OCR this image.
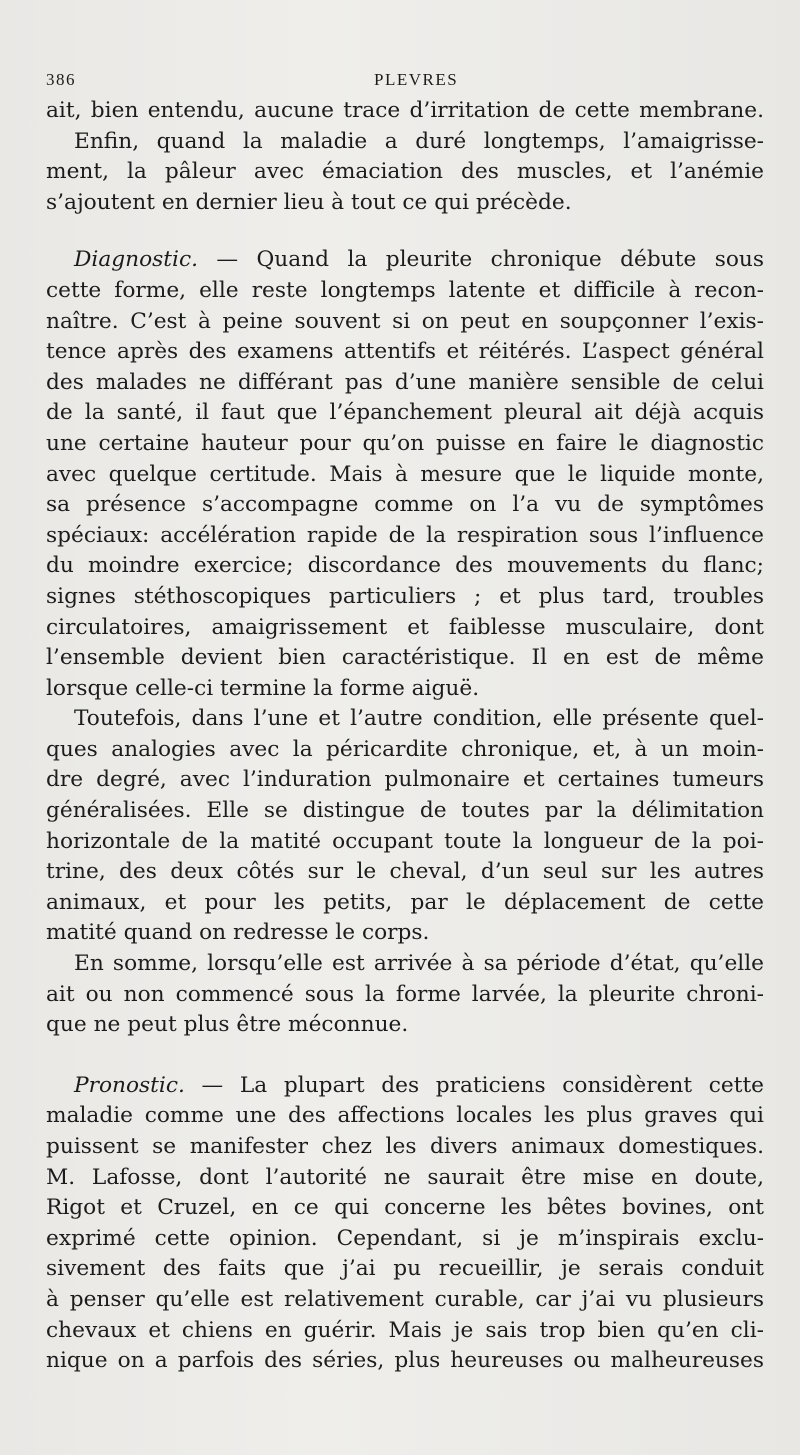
386	PLEVRES
ait, bien entendu, aucune trace d’irritation de cette membrane.
Enfin, quand la maladie a duré longtemps, l’amaigrisse-
ment, la pâleur avec émaciation des muscles, et l’anémie
s’ajoutent en dernier lieu à tout ce qui précède.
Diagnostic. — Quand la pleurite chronique débute sous
cette forme, elle reste longtemps latente et difficile à recon-
naître. C’est à peine souvent si on peut en soupçonner l’exis-
tence après des examens attentifs et réitérés. L’aspect général
des malades ne différant pas d’une manière sensible de celui
de la santé, il faut que l’épanchement pleural ait déjà acquis
une certaine hauteur pour qu’on puisse en faire le diagnostic
avec quelque certitude. Mais à mesure que le liquide monte,
sa présence s’accompagne comme on l’a vu de symptômes
spéciaux: accélération rapide de la respiration sous l’influence
du moindre exercice; discordance des mouvements du flanc;
signes stéthoscopiques particuliers ; et plus tard, troubles
circulatoires, amaigrissement et faiblesse musculaire, dont
l’ensemble devient bien caractéristique. Il en est de même
lorsque celle-ci termine la forme aiguë.
Toutefois, dans l’une et l’autre condition, elle présente quel-
ques analogies avec la péricardite chronique, et, à un moin-
dre degré, avec l’induration pulmonaire et certaines tumeurs
généralisées. Elle se distingue de toutes par la délimitation
horizontale de la matité occupant toute la longueur de la poi-
trine, des deux côtés sur le cheval, d’un seul sur les autres
animaux, et pour les petits, par le déplacement de cette
matité quand on redresse le corps.
En somme, lorsqu’elle est arrivée à sa période d’état, qu’elle
ait ou non commencé sous la forme larvée, la pleurite chroni-
que ne peut plus être méconnue.
Pronostic. — La plupart des praticiens considèrent cette
maladie comme une des affections locales les plus graves qui
puissent se manifester chez les divers animaux domestiques.
M. Lafosse, dont l’autorité ne saurait être mise en doute,
Rigot et Cruzel, en ce qui concerne les bêtes bovines, ont
exprimé cette opinion. Cependant, si je m’inspirais exclu-
sivement des faits que j’ai pu recueillir, je serais conduit
à penser qu’elle est relativement curable, car j’ai vu plusieurs
chevaux et chiens en guérir. Mais je sais trop bien qu’en cli-
nique on a parfois des séries, plus heureuses ou malheureuses
